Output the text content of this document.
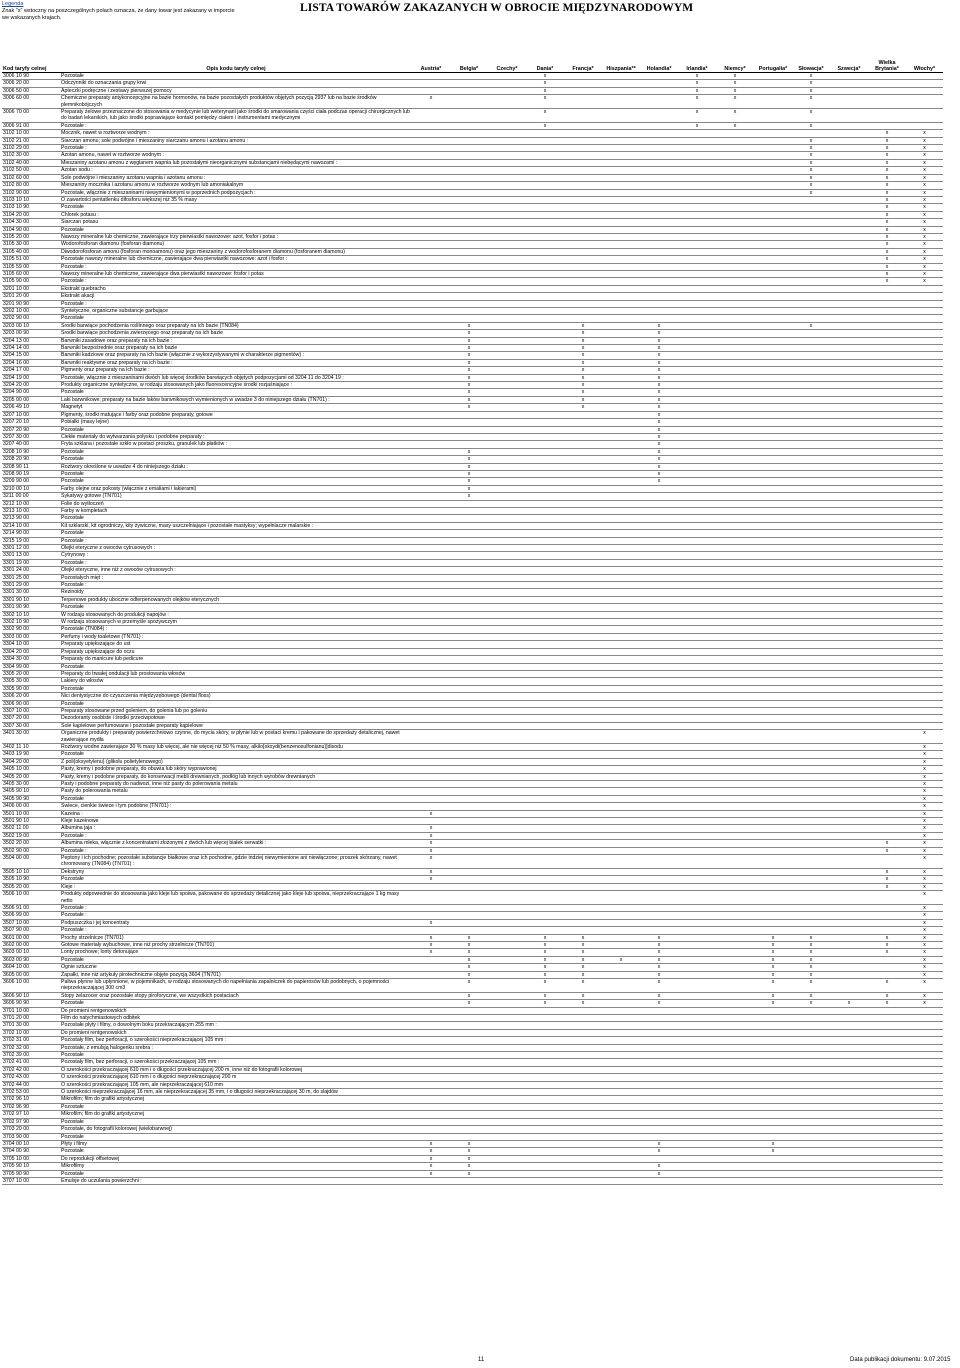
Legenda
Znak "x" wstoczny na poszczególnych polach oznacza, że dany towar jest zakazany w imporcie we wskazanych krajach.
LISTA TOWARÓW ZAKAZANYCH W OBROCIE MIĘDZYNARODOWYM
Kod taryfy celnej	Opis kodu taryfy celnej	Austria*	Belgia*	Czechy*	Dania*	Francja*	Hiszpania**	Holandia*	Irlandia*	Niemcy*	Portugalia*	Słowacja*	Szwecja*	Wielka Brytania*	Włochy*
3006 10 90	Pozostałe				x				x	x		x			
3006 20 00	Odczynniki do oznaczania grupy krwi				x				x	x		x			
3006 50 00	Apteczki podręczne i zestawy pierwszej pomocy				x				x	x		x			
3006 60 00	Chemiczne preparaty antykoncepcyjne na bazie hormonów, na bazie pozostałych produktów objętych pozycją 2937 lub na bazie środków plemnikobójczych	x			x				x	x		x			
3006 70 00	Preparaty żelowe przeznaczone do stosowania w medycynie lub weterynarii jako środki do smarowania części ciała podczas operacji chirurgicznych lub do badań lekarskich, lub jako środki poprawiające kontakt pomiędzy ciałem i instrumentami medycznymi				x				x	x		x			
3006 91 00	Pozostałe :				x				x	x		x			
3102 10 00	Mocznik, nawet w roztworze wodnym :													x	x
3102 21 00	Siarczan amonu; sole podwójne i mieszaniny siarczanu amonu i azotanu amonu :											x		x	x
3102 29 00	Pozostałe :											x		x	x
3102 30 00	Azotan amonu, nawet w roztworze wodnym :											x		x	x
3102 40 00	Mieszaniny azotanu amonu z węglanem wapnia lub pozostałymi nieorganicznymi substancjami niebędącymi nawozami :											x		x	x
3102 50 00	Azotan sodu :											x		x	x
3102 60 00	Sole podwójne i mieszaniny azotanu wapnia i azotanu amonu :											x		x	x
3102 80 00	Mieszaniny mocznika i azotanu amonu w roztworze wodnym lub amoniakalnym											x		x	x
3102 90 00	Pozostałe, włącznie z mieszaninami niewymienionymi w poprzednich podpozycjach :											x		x	x
3103 10 10	O zawartości pentatlenku difosforu większej niż 35 % masy													x	x
3103 10 90	Pozostałe													x	x
3104 20 00	Chlorek potasu :													x	x
3104 30 00	Siarczan potasu													x	x
3104 90 00	Pozostałe													x	x
3105 20 00	Nawozy mineralne lub chemiczne, zawierające trzy pierwiastki nawozowe: azot, fosfor i potas :													x	x
3105 30 00	Wodorofosforan diamonu (fosforan diamonu)													x	x
3105 40 00	Diwodorofosforan amonu (fosforan monoamonu) oraz jego mieszaniny z wodorofosforanem diamonu (fosforanem diamonu)													x	x
3105 51 00	Pozostałe nawozy mineralne lub chemiczne, zawierające dwa pierwiastki nawozowe: azot i fosfor :													x	x
3105 59 00	Pozostałe :													x	x
3105 60 00	Nawozy mineralne lub chemiczne, zawierające dwa pierwiastki nawozowe: fosfor i potas													x	x
3105 90 00	Pozostałe :													x	x
3201 10 00	Ekstrakt quebracho														
3201 20 00	Ekstrakt akacji														
3201 90 90	Pozostałe :														
3202 10 00	Syntetyczne, organiczne substancje garbujące														
3202 90 00	Pozostałe														
3203 00 10	Środki barwiące pochodzenia roślinnego oraz preparaty na ich bazie (TN084)		x			x		x				x			
3203 00 90	Środki barwiące pochodzenia zwierzęcego oraz preparaty na ich bazie		x			x		x							
3204 13 00	Barwniki zasadowe oraz preparaty na ich bazie :		x			x		x							
3204 14 00	Barwniki bezpośrednie oraz preparaty na ich bazie		x			x		x							
3204 15 00	Barwniki kadziowe oraz preparaty na ich bazie (włącznie z wykorzystywanymi w charakterze pigmentów) :		x			x		x							
3204 16 00	Barwniki reaktywne oraz preparaty na ich bazie :		x			x		x							
3204 17 00	Pigmenty oraz preparaty na ich bazie :		x			x		x							
3204 19 00	Pozostałe, włącznie z mieszaninami dwóch lub więcej środków barwiących objętych podpozycjami od 3204 11 do 3204 19 :		x			x		x							
3204 20 00	Produkty organiczne syntetyczne, w rodzaju stosowanych jako fluorescencyjne środki rozjaśniające :		x			x		x							
3204 90 00	Pozostałe		x			x		x							
3205 00 00	Laki barwnikowe; preparaty na bazie laków barwnikowych wymienionych w uwadze 3 do niniejszego działu (TN701) :		x			x		x							
3206 49 10	Magnetyt		x			x		x							
3207 10 00	Pigmenty, środki matujące i farby oraz podobne preparaty, gotowe							x							
3207 20 10	Pobiałki (masy lejne)							x							
3207 20 90	Pozostałe							x							
3207 30 00	Ciekłe materiały do wytwarzania połysku i podobne preparaty :							x							
3207 40 00	Fryta szklana i pozostałe szkło w postaci proszku, granulek lub płatków :							x							
3208 10 90	Pozostałe		x					x							
3208 20 90	Pozostałe		x					x							
3208 90 11	Roztwory określone w uwadze 4 do niniejszego działu :		x					x							
3208 90 19	Pozostałe		x					x							
3209 90 00	Pozostałe		x					x							
3210 00 10	Farby olejne oraz pokosty (włącznie z emaliami i lakierami)		x												
3211 00 00	Sykatywy gotowe (TN701)		x												
3212 10 00	Folie do wytłoczeń														
3213 10 00	Farby w kompletach														
3213 90 00	Pozostałe														
3214 10 00	Kit szklarski, kit ogrodniczy, kity żywiczne, masy uszczelniające i pozostałe mastyksy; wypełniacze malarskie :														
3214 90 00	Pozostałe														
3215 19 00	Pozostałe :														
3301 12 00	Olejki eteryczne z owoców cytrusowych :														
3301 13 00	Cytrynowy :														
3301 19 00	Pozostałe :														
3301 24 00	Olejki eteryczne, inne niż z owoców cytrusowych :														
3301 25 00	Pozostałych mięt :														
3301 29 00	Pozostałe :														
3301 30 00	Rezinoidy														
3301 90 10	Terpenowe produkty uboczne odterpenowanych olejków eterycznych														
3301 90 90	Pozostałe														
3302 10 10	W rodzaju stosowanych do produkcji napojów :														
3302 10 90	W rodzaju stosowanych w przemyśle spożywczym														
3302 90 00	Pozostałe (TN084) :														
3303 00 00	Perfumy i wody toaletowe (TN701) :														
3304 10 00	Preparaty upiększające do ust														
3304 20 00	Preparaty upiększające do oczu														
3304 30 00	Preparaty do manicure lub pedicure														
3304 99 00	Pozostałe														
3305 20 00	Preparaty do trwałej ondulacji lub prostowania włosów														
3305 30 00	Lakiery do włosów														
3305 90 00	Pozostałe														
3306 20 00	Nici dentystyczne do czyszczenia międzyzębowego (dental floss)														
3306 90 00	Pozostałe														
3307 10 00	Preparaty stosowane przed goleniem, do golenia lub po goleniu														
3307 20 00	Dezodoranty osobiste i środki przeciwpotowe														
3307 30 00	Sole kąpielowe perfumowane i pozostałe preparaty kąpielowe														
3401 30 00	Organiczne produkty i preparaty powierzchniowo czynne, do mycia skóry, w płynie lub w postaci kremu i pakowane do sprzedaży detalicznej, nawet zawierające mydła														x
3402 11 10	Roztwory wodne zawierające 30 % masy lub więcej, ale nie więcej niż 50 % masy, alkilo[oksydi(benzenosulfonianu)]disodu														x
3403 19 90	Pozostałe														x
3404 20 00	Z poli(oksyetylenu) (glikolu polietylenowego)														x
3405 10 00	Pasty, kremy i podobne preparaty, do obuwia lub skóry wyprawionej														x
3405 20 00	Pasty, kremy i podobne preparaty, do konserwacji mebli drewnianych, podłóg lub innych wyrobów drewnianych														x
3405 30 00	Pasty i podobne preparaty do nadwozi, inne niż pasty do polerowania metalu														x
3405 90 10	Pasty do polerowania metalu														x
3405 90 90	Pozostałe														x
3406 00 00	Świece, cienkie świece i tym podobne (TN701) :														x
3501 10 00	Kazeina :	x													x
3501 90 10	Kleje kazeinowe														x
3502 11 00	Albumina jaja :	x													x
3502 19 00	Pozostałe :	x													x
3502 20 00	Albumina mleka, włącznie z koncentratami złożonymi z dwóch lub więcej białek serwatki :	x												x	x
3502 90 00	Pozostałe :	x												x	x
3504 00 00	Peptony i ich pochodne; pozostałe substancje białkowe oraz ich pochodne, gdzie indziej niewymienione ani niewłączone; proszek skórzany, nawet chromowany (TN084) (TN701) :	x													x
3505 10 10	Dekstryny	x												x	x
3505 10 90	Pozostałe	x												x	x
3505 20 00	Kleje :													x	x
3506 10 00	Produkty odpowiednie do stosowania jako kleje lub spoiwa, pakowane do sprzedaży detalicznej jako kleje lub spoiwa, nieprzekraczające 1 kg masy netto														x
3506 91 00	Pozostałe :														x
3506 99 00	Pozostałe :														x
3507 10 00	Podpuszczka i jej koncentraty	x													x
3507 90 00	Pozostałe :														x
3601 00 00	Prochy strzelnicze (TN701)	x	x		x	x		x			x	x		x	x
3602 00 00	Gotowe materiały wybuchowe, inne niż prochy strzelnicze (TN701)	x	x		x	x		x			x	x		x	x
3603 00 10	Lonty prochowe; lonty detonujące	x	x		x	x		x			x	x		x	x
3603 00 90	Pozostałe		x		x	x	x	x			x	x			x
3604 10 00	Ognie sztuczne		x		x	x		x			x	x			x
3605 00 00	Zapałki, inne niż artykuły pirotechniczne objęte pozycją 3604 (TN701)		x		x	x		x			x	x			x
3606 10 00	Paliwa płynne lub upłynnione, w pojemnikach, w rodzaju stosowanych do napełniania zapalniczek do papierosów lub podobnych, o pojemności nieprzekraczającej 300 cm3		x		x	x		x			x	x		x	x
3606 90 10	Stopy żelazocer oraz pozostałe stopy piroforyczne, we wszystkich postaciach		x		x	x		x			x	x		x	x
3606 90 90	Pozostałe		x		x	x		x			x	x	x	x	x
3701 10 00	Do promieni rentgenowskich														
3701 20 00	Film do natychmiastowych odbitek														
3701 30 00	Pozostałe płyty i filmy, o dowolnym boku przekraczającym 255 mm :														
3702 10 00	Do promieni rentgenowskich														
3702 31 00	Pozostały film, bez perforacji, o szerokości nieprzekraczającej 105 mm :														
3702 32 00	Pozostałe, z emulsją halogenku srebra :														
3702 39 00	Pozostałe														
3702 41 00	Pozostały film, bez perforacji, o szerokości przekraczającej 105 mm :														
3702 42 00	O szerokości przekraczającej 610 mm i o długości przekraczającej 200 m, inne niż do fotografii kolorowej														
3702 43 00	O szerokości przekraczającej 610 mm i o długości nieprzekraczającej 200 m														
3702 44 00	O szerokości przekraczającej 105 mm, ale nieprzekraczającej 610 mm														
3702 53 00	O szerokości nieprzekraczającej 16 mm, ale nieprzekraczającej 35 mm, i o długości nieprzekraczającej 30 m, do slajdów														
3702 96 10	Mikrofilm; film do grafiki artystycznej														
3702 96 90	Pozostałe														
3702 97 10	Mikrofilm; film do grafiki artystycznej														
3702 97 90	Pozostałe														
3703 20 00	Pozostałe, do fotografii kolorowej (wielobarwnej)														
3703 90 00	Pozostałe														
3704 00 10	Płyty i filmy	x	x					x			x				
3704 00 90	Pozostałe	x	x					x			x				
3705 10 00	Do reprodukcji offsetowej	x	x												
3705 90 10	Mikrofilmy	x	x					x							
3705 90 90	Pozostałe	x	x					x							
3707 10 00	Emulsje do uczulania powierzchni :														
11	Data publikacji dokumentu: 9.07.2015
